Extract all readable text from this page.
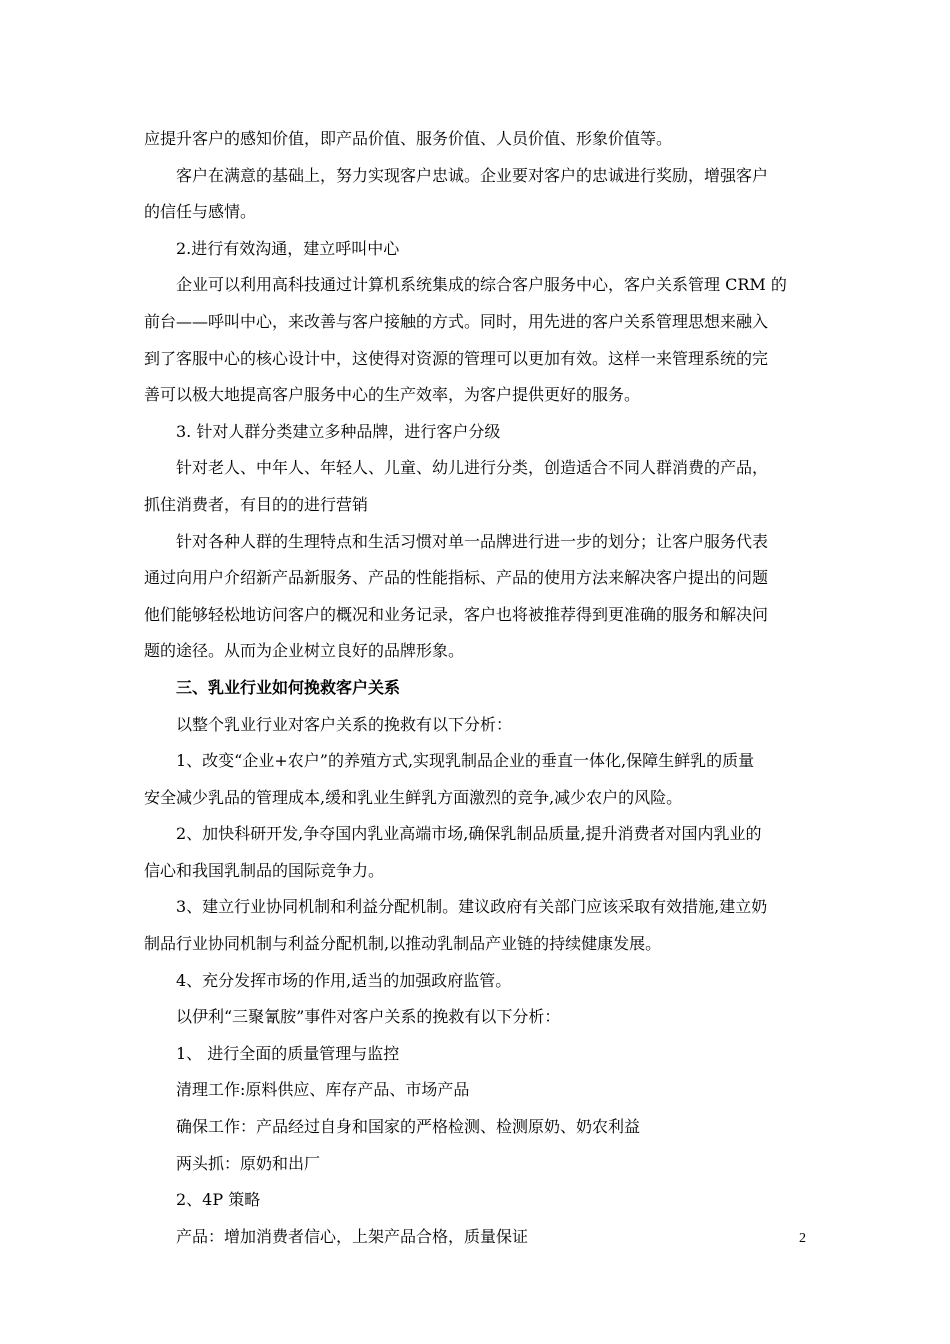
应提升客户的感知价值，即产品价值、服务价值、人员价值、形象价值等。

客户在满意的基础上，努力实现客户忠诚。企业要对客户的忠诚进行奖励，增强客户

的信任与感情。

2.进行有效沟通，建立呼叫中心

企业可以利用高科技通过计算机系统集成的综合客户服务中心，客户关系管理 CRM 的

前台——呼叫中心，来改善与客户接触的方式。同时，用先进的客户关系管理思想来融入

到了客服中心的核心设计中，这使得对资源的管理可以更加有效。这样一来管理系统的完

善可以极大地提高客户服务中心的生产效率，为客户提供更好的服务。

3. 针对人群分类建立多种品牌，进行客户分级

针对老人、中年人、年轻人、儿童、幼儿进行分类，创造适合不同人群消费的产品，

抓住消费者，有目的的进行营销

针对各种人群的生理特点和生活习惯对单一品牌进行进一步的划分；让客户服务代表

通过向用户介绍新产品新服务、产品的性能指标、产品的使用方法来解决客户提出的问题

他们能够轻松地访问客户的概况和业务记录，客户也将被推荐得到更准确的服务和解决问

题的途径。从而为企业树立良好的品牌形象。

三、乳业行业如何挽救客户关系

以整个乳业行业对客户关系的挽救有以下分析：

1、改变“企业+农户”的养殖方式,实现乳制品企业的垂直一体化,保障生鲜乳的质量

安全减少乳品的管理成本,缓和乳业生鲜乳方面激烈的竞争,减少农户的风险。

2、加快科研开发,争夺国内乳业高端市场,确保乳制品质量,提升消费者对国内乳业的

信心和我国乳制品的国际竞争力。

3、建立行业协同机制和利益分配机制。建议政府有关部门应该采取有效措施,建立奶

制品行业协同机制与利益分配机制,以推动乳制品产业链的持续健康发展。

4、充分发挥市场的作用,适当的加强政府监管。

以伊利“三聚氰胺”事件对客户关系的挽救有以下分析：

1、 进行全面的质量管理与监控

清理工作:原料供应、库存产品、市场产品

确保工作：产品经过自身和国家的严格检测、检测原奶、奶农利益

两头抓：原奶和出厂

2、4P 策略

产品：增加消费者信心，上架产品合格，质量保证	2
